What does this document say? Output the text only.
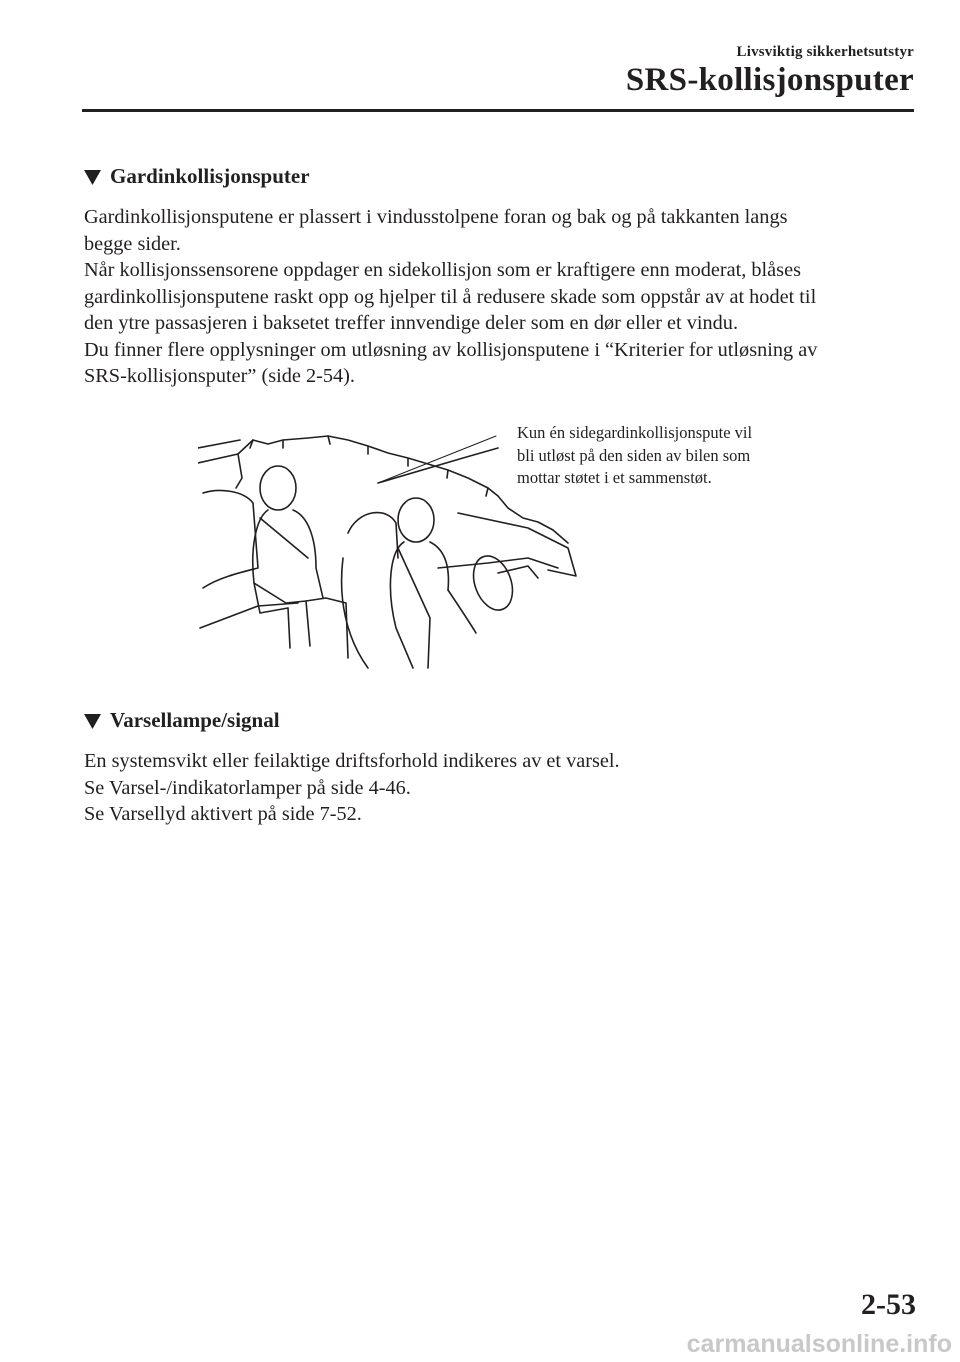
Livsviktig sikkerhetsutstyr
SRS-kollisjonsputer
Gardinkollisjonsputer

Gardinkollisjonsputene er plassert i vindusstolpene foran og bak og på takkanten langs

begge sider.

Når kollisjonssensorene oppdager en sidekollisjon som er kraftigere enn moderat, blåses

gardinkollisjonsputene raskt opp og hjelper til å redusere skade som oppstår av at hodet til

den ytre passasjeren i baksetet treffer innvendige deler som en dør eller et vindu.

Du finner flere opplysninger om utløsning av kollisjonsputene i “Kriterier for utløsning av

SRS-kollisjonsputer” (side 2-54).

Kun én sidegardinkollisjonspute vil
bli utløst på den siden av bilen som
mottar støtet i et sammenstøt.
Varsellampe/signal

En systemsvikt eller feilaktige driftsforhold indikeres av et varsel.

Se Varsel-/indikatorlamper på side 4-46.

Se Varsellyd aktivert på side 7-52.

2-53
carmanualsonline.info
